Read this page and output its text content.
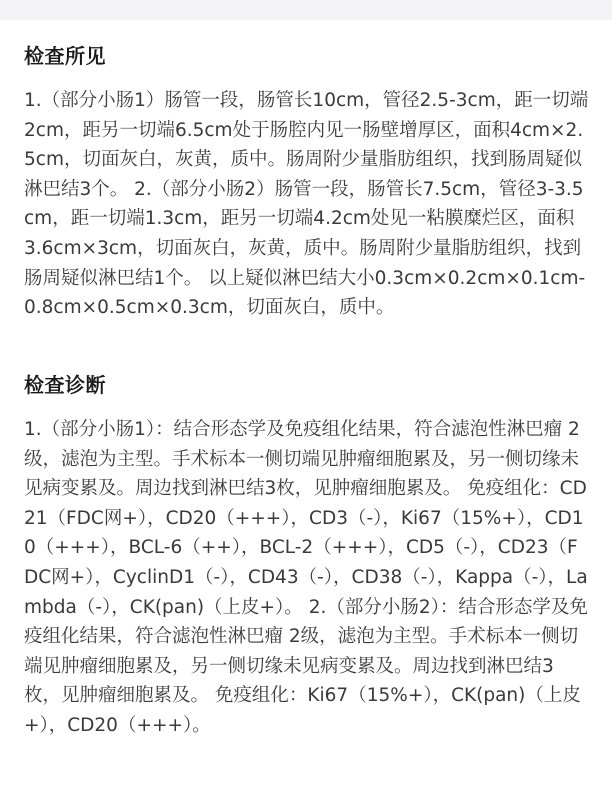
检查所见

1.（部分小肠1）肠管一段，肠管长10cm，管径2.5-3cm，距一切端2cm，距另一切端6.5cm处于肠腔内见一肠壁增厚区，面积4cm×2.5cm，切面灰白，灰黄，质中。肠周附少量脂肪组织，找到肠周疑似淋巴结3个。 2.（部分小肠2）肠管一段，肠管长7.5cm，管径3-3.5cm，距一切端1.3cm，距另一切端4.2cm处见一粘膜糜烂区，面积3.6cm×3cm，切面灰白，灰黄，质中。肠周附少量脂肪组织，找到肠周疑似淋巴结1个。 以上疑似淋巴结大小0.3cm×0.2cm×0.1cm-0.8cm×0.5cm×0.3cm，切面灰白，质中。

检查诊断

1.（部分小肠1）：结合形态学及免疫组化结果，符合滤泡性淋巴瘤 2级，滤泡为主型。手术标本一侧切端见肿瘤细胞累及，另一侧切缘未见病变累及。周边找到淋巴结3枚，见肿瘤细胞累及。 免疫组化：CD21（FDC网+），CD20（+++），CD3（-），Ki67（15%+），CD10（+++），BCL-6（++），BCL-2（+++），CD5（-），CD23（FDC网+），CyclinD1（-），CD43（-），CD38（-），Kappa（-），Lambda（-），CK(pan)（上皮+）。 2.（部分小肠2）：结合形态学及免疫组化结果，符合滤泡性淋巴瘤 2级，滤泡为主型。手术标本一侧切端见肿瘤细胞累及，另一侧切缘未见病变累及。周边找到淋巴结3枚，见肿瘤细胞累及。 免疫组化：Ki67（15%+），CK(pan)（上皮+），CD20（+++）。
